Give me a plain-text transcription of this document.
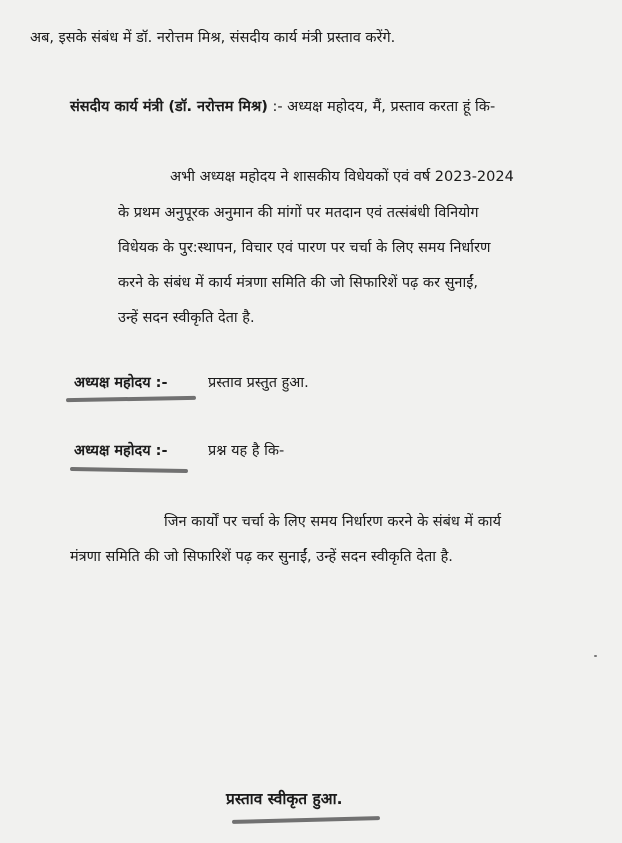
अब, इसके संबंध में डॉ. नरोत्तम मिश्र, संसदीय कार्य मंत्री प्रस्ताव करेंगे.
संसदीय कार्य मंत्री (डॉ. नरोत्तम मिश्र) :- अध्यक्ष महोदय, मैं, प्रस्ताव करता हूं कि-
अभी अध्यक्ष महोदय ने शासकीय विधेयकों एवं वर्ष 2023-2024
के प्रथम अनुपूरक अनुमान की मांगों पर मतदान एवं तत्संबंधी विनियोग
विधेयक के पुर:स्थापन, विचार एवं पारण पर चर्चा के लिए समय निर्धारण
करने के संबंध में कार्य मंत्रणा समिति की जो सिफारिशें पढ़ कर सुनाईं,
उन्हें सदन स्वीकृति देता है.
अध्यक्ष महोदय :-	प्रस्ताव प्रस्तुत हुआ.
अध्यक्ष महोदय :-	प्रश्न यह है कि-
जिन कार्यों पर चर्चा के लिए समय निर्धारण करने के संबंध में कार्य
मंत्रणा समिति की जो सिफारिशें पढ़ कर सुनाईं, उन्हें सदन स्वीकृति देता है.
प्रस्ताव स्वीकृत हुआ.
